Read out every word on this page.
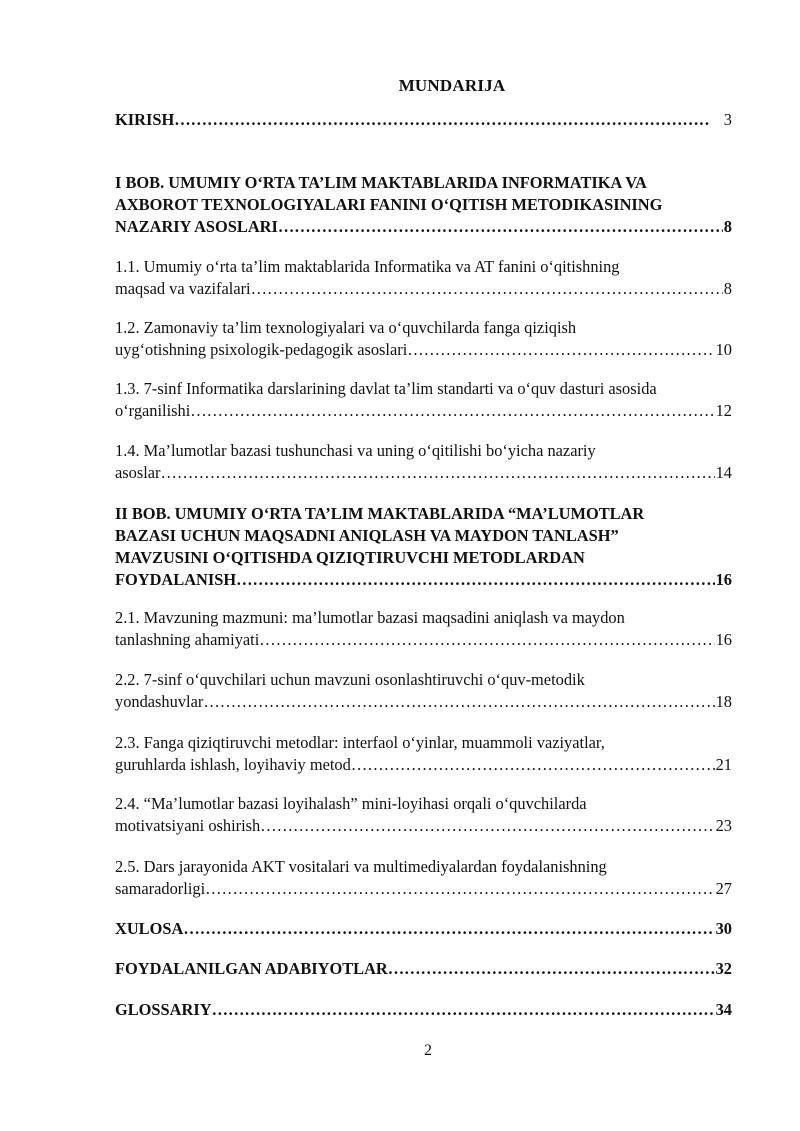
MUNDARIJA
KIRISH …………………………………………………………………………………………………………………………………………………………………………………………………………………………………………	3
I BOB. UMUMIY O‘RTA TA’LIM MAKTABLARIDA INFORMATIKA VA
AXBOROT TEXNOLOGIYALARI FANINI O‘QITISH METODIKASINING
NAZARIY ASOSLARI …………………………………………………………………………………………………………………………………………………………………………………………………………………………………………	8
1.1. Umumiy o‘rta ta’lim maktablarida Informatika va AT fanini o‘qitishning
maqsad va vazifalari …………………………………………………………………………………………………………………………………………………………………………………………………………………………………………	8
1.2. Zamonaviy ta’lim texnologiyalari va o‘quvchilarda fanga qiziqish
uyg‘otishning psixologik-pedagogik asoslari …………………………………………………………………………………………………………………………………………………………………………………………………………………………………………	10
1.3. 7-sinf Informatika darslarining davlat ta’lim standarti va o‘quv dasturi asosida
o‘rganilishi …………………………………………………………………………………………………………………………………………………………………………………………………………………………………………	12
1.4. Ma’lumotlar bazasi tushunchasi va uning o‘qitilishi bo‘yicha nazariy
asoslar …………………………………………………………………………………………………………………………………………………………………………………………………………………………………………	14
II BOB. UMUMIY O‘RTA TA’LIM MAKTABLARIDA “MA’LUMOTLAR
BAZASI UCHUN MAQSADNI ANIQLASH VA MAYDON TANLASH”
MAVZUSINI O‘QITISHDA QIZIQTIRUVCHI METODLARDAN
FOYDALANISH …………………………………………………………………………………………………………………………………………………………………………………………………………………………………………	16
2.1. Mavzuning mazmuni: ma’lumotlar bazasi maqsadini aniqlash va maydon
tanlashning ahamiyati …………………………………………………………………………………………………………………………………………………………………………………………………………………………………………	16
2.2. 7-sinf o‘quvchilari uchun mavzuni osonlashtiruvchi o‘quv-metodik
yondashuvlar …………………………………………………………………………………………………………………………………………………………………………………………………………………………………………	18
2.3. Fanga qiziqtiruvchi metodlar: interfaol o‘yinlar, muammoli vaziyatlar,
guruhlarda ishlash, loyihaviy metod …………………………………………………………………………………………………………………………………………………………………………………………………………………………………………	21
2.4. “Ma’lumotlar bazasi loyihalash” mini-loyihasi orqali o‘quvchilarda
motivatsiyani oshirish …………………………………………………………………………………………………………………………………………………………………………………………………………………………………………	23
2.5. Dars jarayonida AKT vositalari va multimediyalardan foydalanishning
samaradorligi …………………………………………………………………………………………………………………………………………………………………………………………………………………………………………	27
XULOSA …………………………………………………………………………………………………………………………………………………………………………………………………………………………………………	30
FOYDALANILGAN ADABIYOTLAR …………………………………………………………………………………………………………………………………………………………………………………………………………………………………………	32
GLOSSARIY …………………………………………………………………………………………………………………………………………………………………………………………………………………………………………	34
2
